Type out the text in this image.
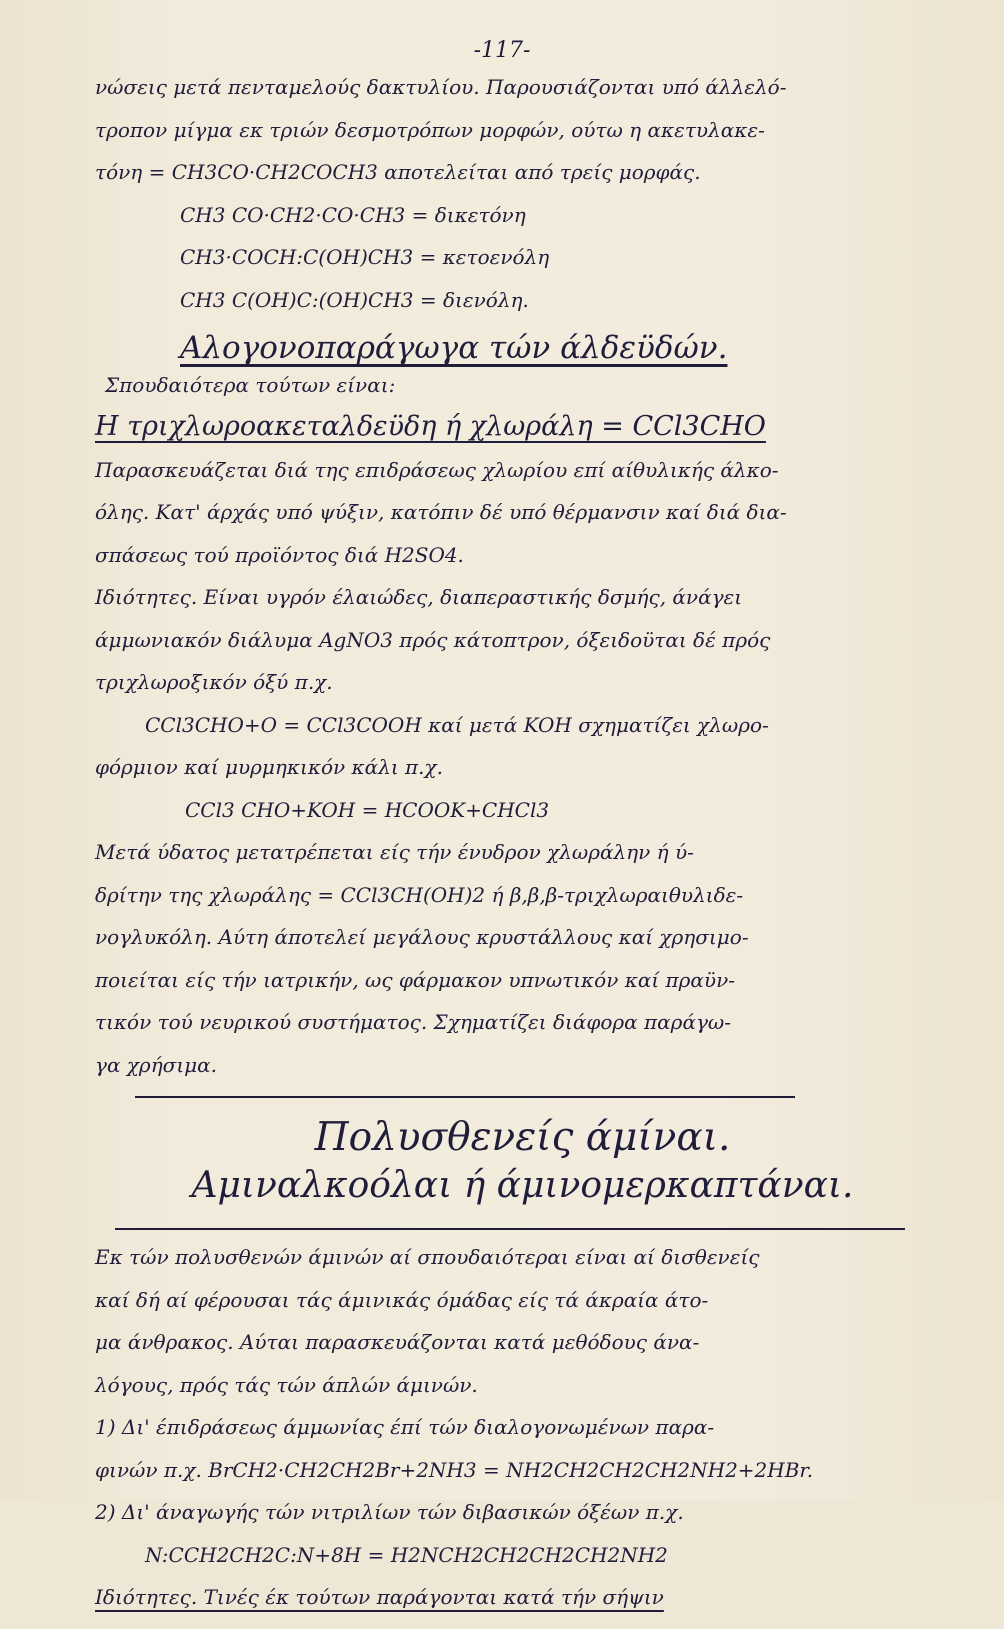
-117-
νώσεις μετά πενταμελούς δακτυλίου. Παρουσιάζονται υπό άλλελό-
τροπον μίγμα εκ τριών δεσμοτρόπων μορφών, ούτω η ακετυλακε-
τόνη = CH3CO·CH2COCH3 αποτελείται από τρείς μορφάς.
CH3 CO·CH2·CO·CH3 = δικετόνη
CH3·COCH:C(OH)CH3 = κετοενόλη
CH3 C(OH)C:(OH)CH3 = διενόλη.
Αλογονοπαράγωγα τών άλδεϋδών.
Σπουδαιότερα τούτων είναι:
Η τριχλωροακεταλδεϋδη ή χλωράλη = CCl3CHO
Παρασκευάζεται διά της επιδράσεως χλωρίου επί αίθυλικής άλκο-
όλης. Κατ' άρχάς υπό ψύξιν, κατόπιν δέ υπό θέρμανσιν καί διά δια-
σπάσεως τού προϊόντος διά H2SO4.
Ιδιότητες. Είναι υγρόν έλαιώδες, διαπεραστικής δσμής, άνάγει
άμμωνιακόν διάλυμα AgNO3 πρός κάτοπτρον, όξειδοϋται δέ πρός
τριχλωροξικόν όξύ π.χ.
CCl3CHO+O = CCl3COOH καί μετά KOH σχηματίζει χλωρο-
φόρμιον καί μυρμηκικόν κάλι π.χ.
CCl3 CHO+KOH = HCOOK+CHCl3
Μετά ύδατος μετατρέπεται είς τήν ένυδρον χλωράλην ή ύ-
δρίτην της χλωράλης = CCl3CH(OH)2 ή β,β,β-τριχλωραιθυλιδε-
νογλυκόλη. Αύτη άποτελεί μεγάλους κρυστάλλους καί χρησιμο-
ποιείται είς τήν ιατρικήν, ως φάρμακον υπνωτικόν καί πραϋν-
τικόν τού νευρικού συστήματος. Σχηματίζει διάφορα παράγω-
γα χρήσιμα.
Πολυσθενείς άμίναι.
Αμιναλκοόλαι ή άμινομερκαπτάναι.
Εκ τών πολυσθενών άμινών αί σπουδαιότεραι είναι αί δισθενείς
καί δή αί φέρουσαι τάς άμινικάς όμάδας είς τά άκραία άτο-
μα άνθρακος. Αύται παρασκευάζονται κατά μεθόδους άνα-
λόγους, πρός τάς τών άπλών άμινών.
1) Δι' έπιδράσεως άμμωνίας έπί τών διαλογονωμένων παρα-
φινών π.χ. BrCH2·CH2CH2Br+2NH3 = NH2CH2CH2CH2NH2+2HBr.
2) Δι' άναγωγής τών νιτριλίων τών διβασικών όξέων π.χ.
N:CCH2CH2C:N+8H = H2NCH2CH2CH2CH2NH2
Ιδιότητες. Τινές έκ τούτων παράγονται κατά τήν σήψιν
